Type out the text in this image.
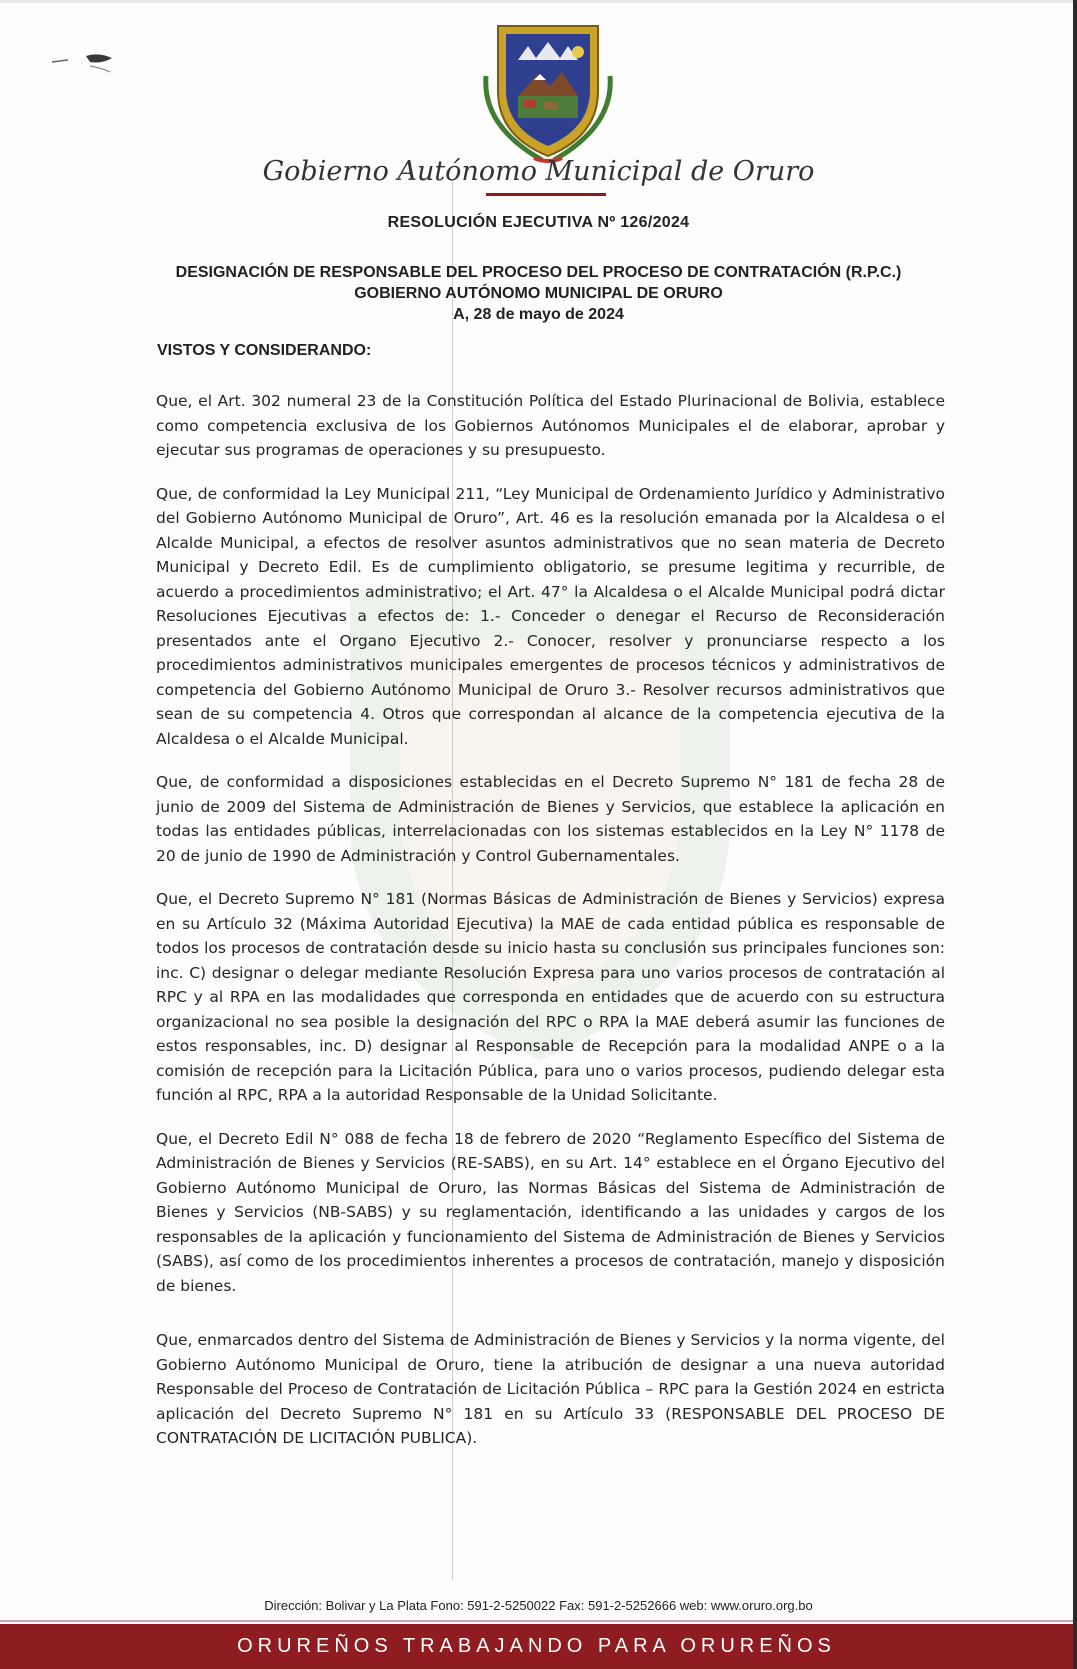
Gobierno Autónomo Municipal de Oruro
RESOLUCIÓN EJECUTIVA Nº 126/2024
DESIGNACIÓN DE RESPONSABLE DEL PROCESO DEL PROCESO DE CONTRATACIÓN (R.P.C.)
GOBIERNO AUTÓNOMO MUNICIPAL DE ORURO
A, 28 de mayo de 2024
VISTOS Y CONSIDERANDO:

Que, el Art. 302 numeral 23 de la Constitución Política del Estado Plurinacional de Bolivia, establece como competencia exclusiva de los Gobiernos Autónomos Municipales el de elaborar, aprobar y ejecutar sus programas de operaciones y su presupuesto.

Que, de conformidad la Ley Municipal 211, “Ley Municipal de Ordenamiento Jurídico y Administrativo del Gobierno Autónomo Municipal de Oruro”, Art. 46 es la resolución emanada por la Alcaldesa o el Alcalde Municipal, a efectos de resolver asuntos administrativos que no sean materia de Decreto Municipal y Decreto Edil. Es de cumplimiento obligatorio, se presume legitima y recurrible, de acuerdo a procedimientos administrativo; el Art. 47° la Alcaldesa o el Alcalde Municipal podrá dictar Resoluciones Ejecutivas a efectos de: 1.- Conceder o denegar el Recurso de Reconsideración presentados ante el Organo Ejecutivo 2.- Conocer, resolver y pronunciarse respecto a los procedimientos administrativos municipales emergentes de procesos técnicos y administrativos de competencia del Gobierno Autónomo Municipal de Oruro 3.- Resolver recursos administrativos que sean de su competencia 4. Otros que correspondan al alcance de la competencia ejecutiva de la Alcaldesa o el Alcalde Municipal.

Que, de conformidad a disposiciones establecidas en el Decreto Supremo N° 181 de fecha 28 de junio de 2009 del Sistema de Administración de Bienes y Servicios, que establece la aplicación en todas las entidades públicas, interrelacionadas con los sistemas establecidos en la Ley N° 1178 de 20 de junio de 1990 de Administración y Control Gubernamentales.

Que, el Decreto Supremo N° 181 (Normas Básicas de Administración de Bienes y Servicios) expresa en su Artículo 32 (Máxima Autoridad Ejecutiva) la MAE de cada entidad pública es responsable de todos los procesos de contratación desde su inicio hasta su conclusión sus principales funciones son: inc. C) designar o delegar mediante Resolución Expresa para uno varios procesos de contratación al RPC y al RPA en las modalidades que corresponda en entidades que de acuerdo con su estructura organizacional no sea posible la designación del RPC o RPA la MAE deberá asumir las funciones de estos responsables, inc. D) designar al Responsable de Recepción para la modalidad ANPE o a la comisión de recepción para la Licitación Pública, para uno o varios procesos, pudiendo delegar esta función al RPC, RPA a la autoridad Responsable de la Unidad Solicitante.

Que, el Decreto Edil N° 088 de fecha 18 de febrero de 2020 “Reglamento Específico del Sistema de Administración de Bienes y Servicios (RE-SABS), en su Art. 14° establece en el Órgano Ejecutivo del Gobierno Autónomo Municipal de Oruro, las Normas Básicas del Sistema de Administración de Bienes y Servicios (NB-SABS) y su reglamentación, identificando a las unidades y cargos de los responsables de la aplicación y funcionamiento del Sistema de Administración de Bienes y Servicios (SABS), así como de los procedimientos inherentes a procesos de contratación, manejo y disposición de bienes.

Que, enmarcados dentro del Sistema de Administración de Bienes y Servicios y la norma vigente, del Gobierno Autónomo Municipal de Oruro, tiene la atribución de designar a una nueva autoridad Responsable del Proceso de Contratación de Licitación Pública – RPC para la Gestión 2024 en estricta aplicación del Decreto Supremo N° 181 en su Artículo 33 (RESPONSABLE DEL PROCESO DE CONTRATACIÓN DE LICITACIÓN PUBLICA).

Dirección: Bolivar y La Plata Fono: 591-2-5250022 Fax: 591-2-5252666 web: www.oruro.org.bo
ORUREÑOS TRABAJANDO PARA ORUREÑOS
